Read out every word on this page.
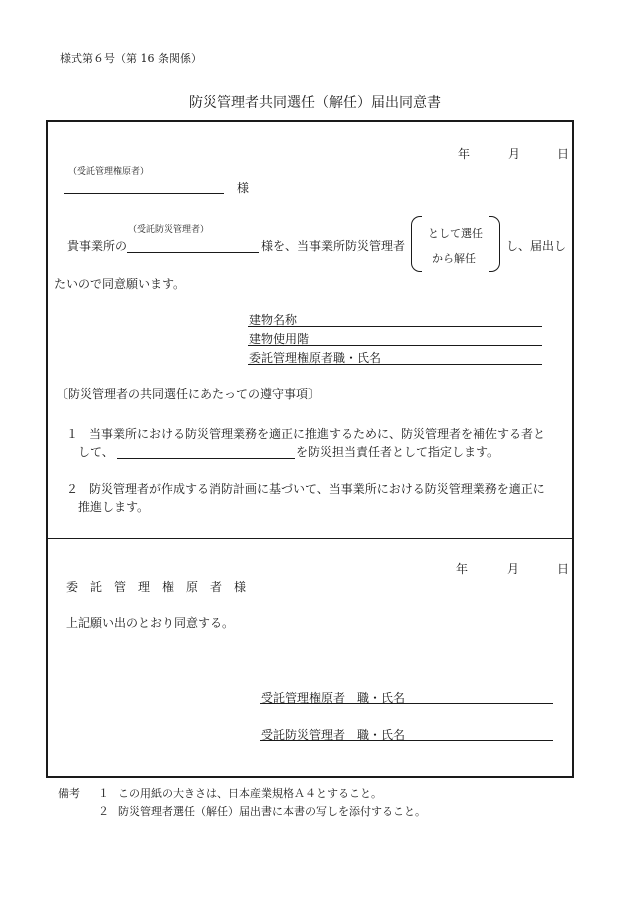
様式第６号（第 16 条関係）
防災管理者共同選任（解任）届出同意書
年	月	日
（受託管理権原者）
様
（受託防災管理者）
貴事業所の	様を、当事業所防災管理者
として選任
から解任
し、届出し
たいので同意願います。
建物名称
建物使用階
委託管理権原者職・氏名
〔防災管理者の共同選任にあたっての遵守事項〕
１ 当事業所における防災管理業務を適正に推進するために、防災管理者を補佐する者と
して、	を防災担当責任者として指定します。
２ 防災管理者が作成する消防計画に基づいて、当事業所における防災管理業務を適正に
推進します。
年	月	日
委託管理権原者様
上記願い出のとおり同意する。
受託管理権原者　職・氏名
受託防災管理者　職・氏名
備考 １ この用紙の大きさは、日本産業規格Ａ４とすること。
２ 防災管理者選任（解任）届出書に本書の写しを添付すること。
